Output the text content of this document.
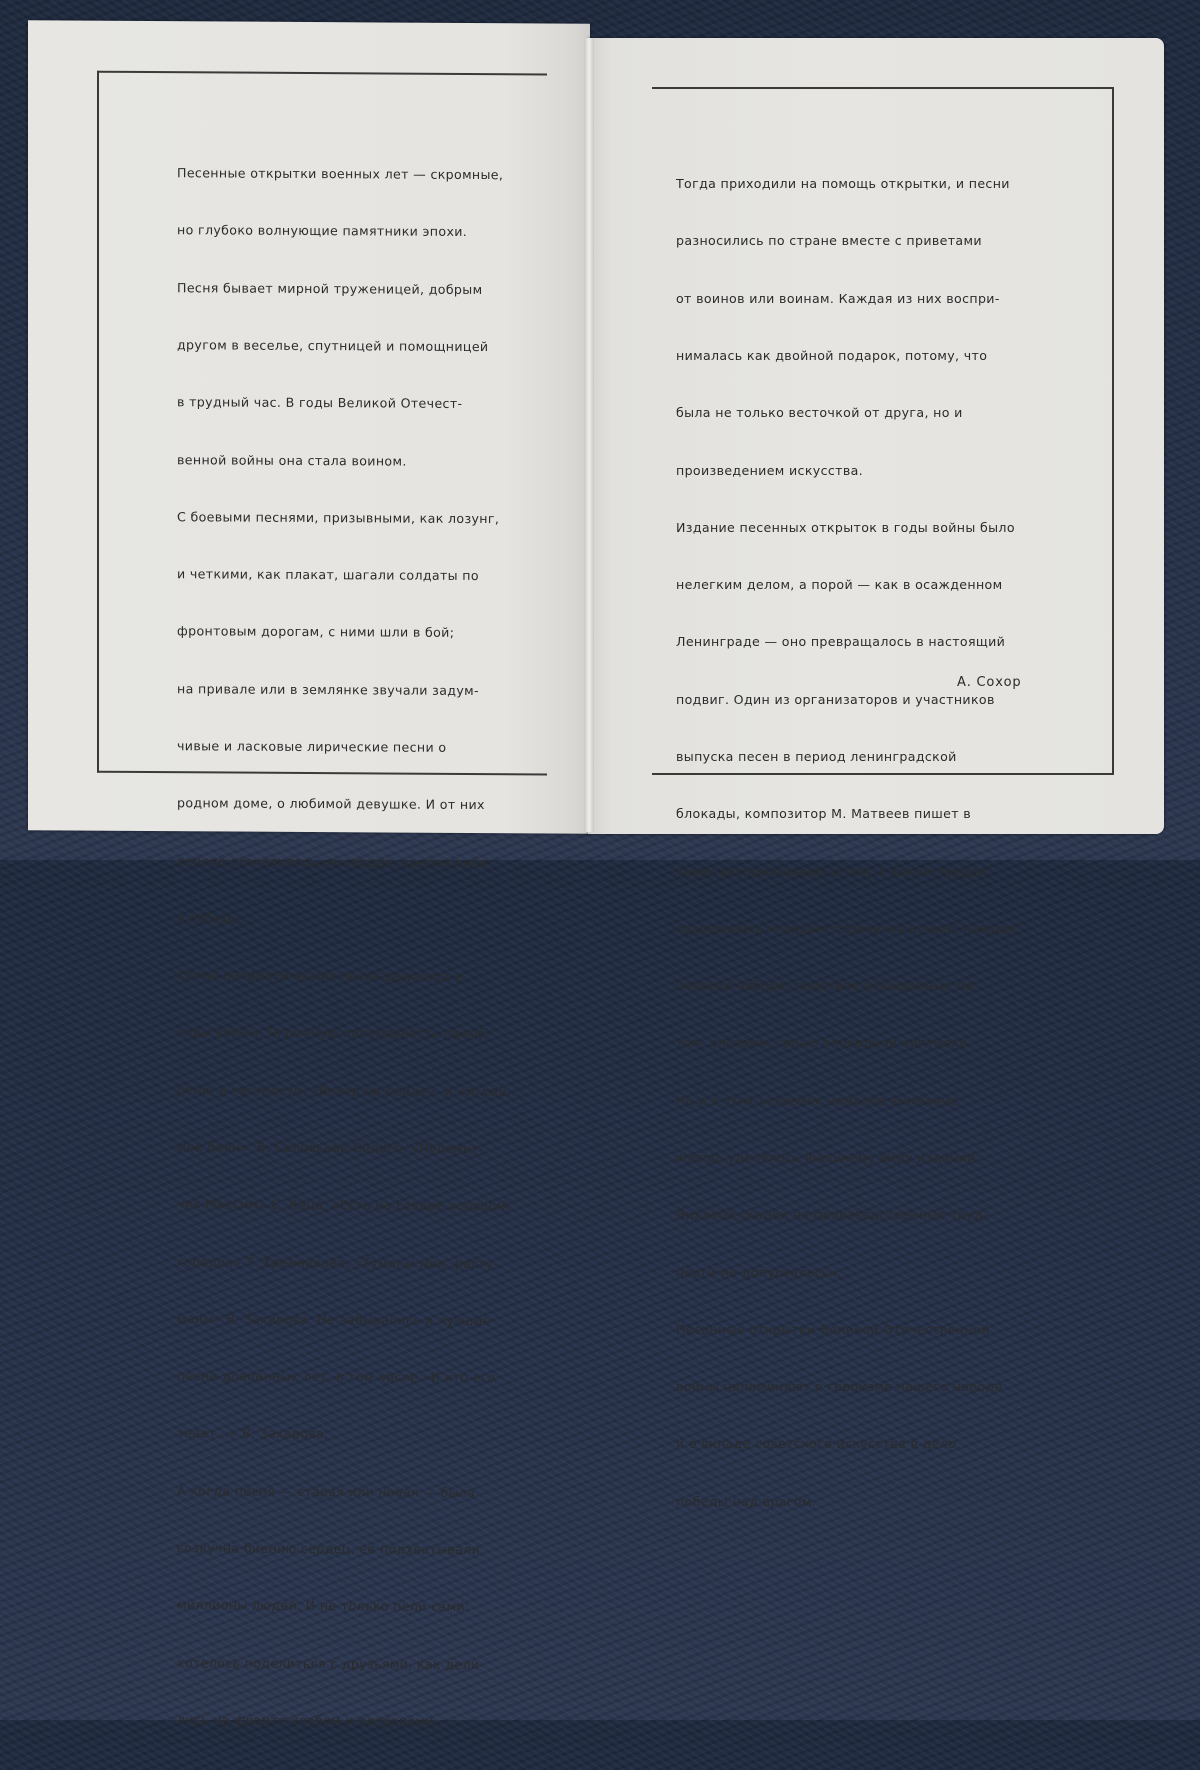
Песенные открытки военных лет — скромные,

но глубоко волнующие памятники эпохи.

Песня бывает мирной труженицей, добрым

другом в веселье, спутницей и помощницей

в трудный час. В годы Великой Отечест-

венной войны она стала воином.

С боевыми песнями, призывными, как лозунг,

и четкими, как плакат, шагали солдаты по

фронтовым дорогам, с ними шли в бой;

на привале или в землянке звучали задум-

чивые и ласковые лирические песни о

родном доме, о любимой девушке. И от них

теплее становилось на сердце, крепла вера

в победу.

Сотни патриотических песен родились в

годы войны. Огромную популярность приоб-

рели, в частности, «Вечер на рейде»  и «Играй,

мой баян»  В. Соловьева-Седого, «Пулемет-

чик Максим» С. Каца, «Есть на севере хороший

городок» Т. Хренникова, «Туманы мои, расту-

маны» В. Захарова. Не забывались и лучшие

песни довоенных лет, в том числе «И кто его

знает...» В. Захарова.

А когда песня — старая или новая — была

созвучна биению сердец, ее подхватывали

миллионы людей. И не только пели сами:

хотелось поделиться с друзьями, как дели-

лись на фронте хлебом и патронами.

Тогда приходили на помощь открытки, и песни

разносились по стране вместе с приветами

от воинов или воинам. Каждая из них воспри-

нималась как двойной подарок, потому, что

была не только весточкой от друга, но и

произведением искусства.

Издание песенных открыток в годы войны было

нелегким делом, а порой — как в осажденном

Ленинграде — оно превращалось в настоящий

подвиг. Один из организаторов и участников

выпуска песен в период ленинградской

блокады, композитор М. Матвеев пишет в

своих воспоминаниях о том, с каким трудом

создавались «каждая страничка клише, каждая

полоска набора, поистине уснащенные по-

том, слезами, гарью блокадной коптилки...

Но и в этих условиях немалое внимание

всегда уделялось внешнему виду изданий.

Никакой скидки на производственные труд-

ности не допускалось».

Песенные открытки Великой Отечественной

войны напоминают о героизме нашего народа

и о вкладе советского искусства в дело

победы над врагом.

А. Сохор
